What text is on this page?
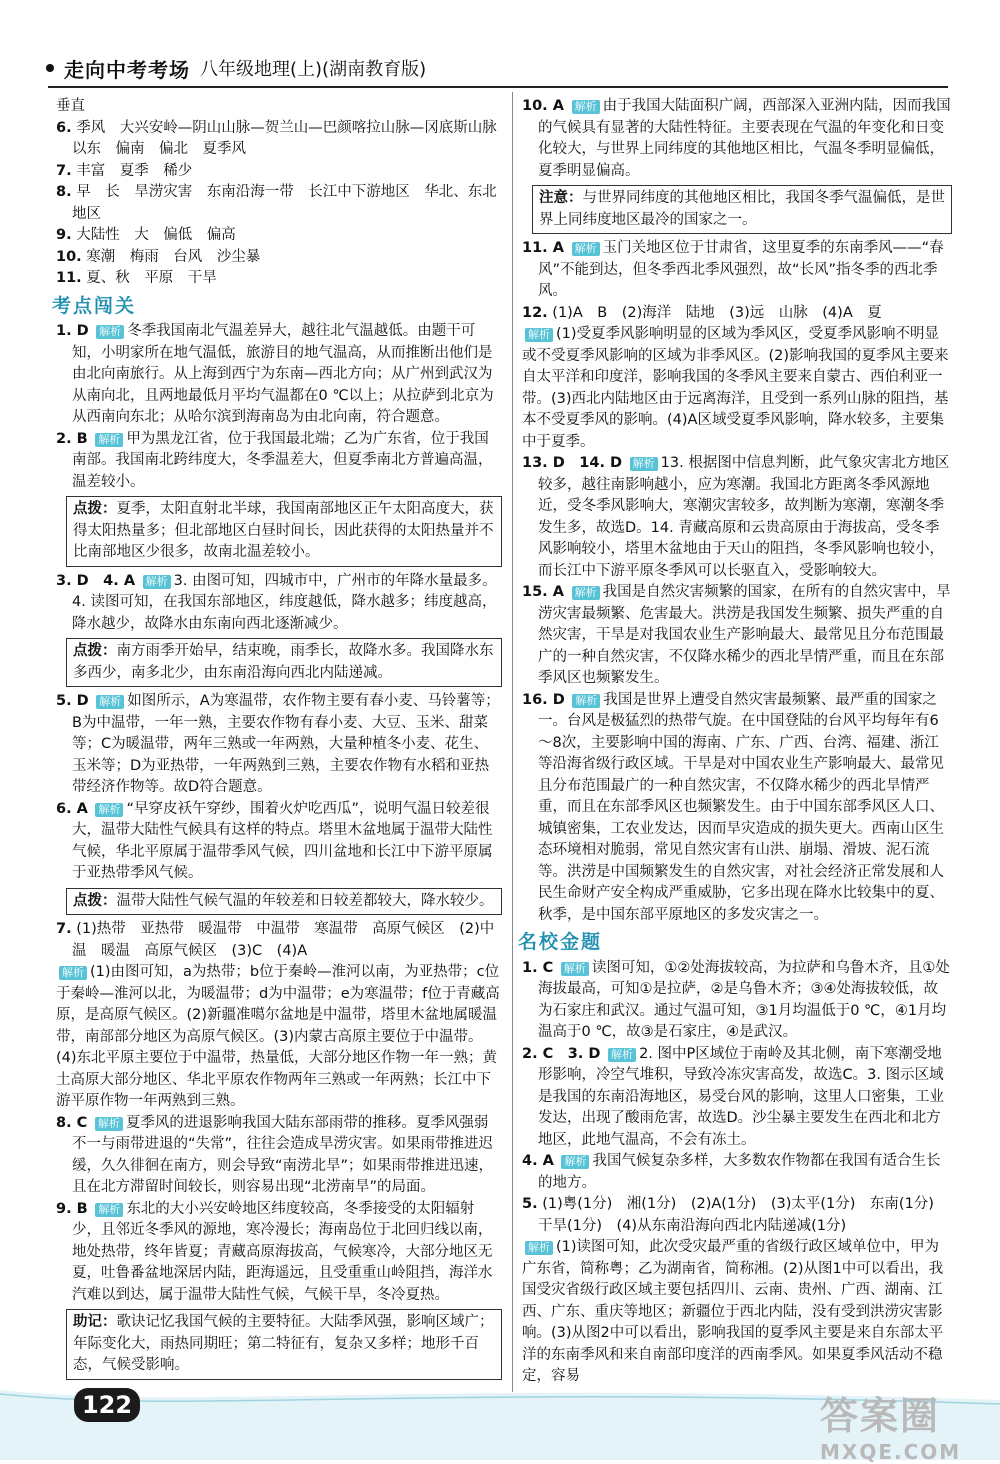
走向中考考场 八年级地理(上)(湖南教育版)
垂直
6. 季风　大兴安岭—阴山山脉—贺兰山—巴颜喀拉山脉—冈底斯山脉以东　偏南　偏北　夏季风
7. 丰富　夏季　稀少
8. 早　长　旱涝灾害　东南沿海一带　长江中下游地区　华北、东北地区
9. 大陆性　大　偏低　偏高
10. 寒潮　梅雨　台风　沙尘暴
11. 夏、秋　平原　干旱
考点闯关
1. D 解析 冬季我国南北气温差异大，越往北气温越低。由题干可知，小明家所在地气温低，旅游目的地气温高，从而推断出他们是由北向南旅行。从上海到西宁为东南—西北方向；从广州到武汉为从南向北，且两地最低月平均气温都在0 ℃以上；从拉萨到北京为从西南向东北；从哈尔滨到海南岛为由北向南，符合题意。
2. B 解析 甲为黑龙江省，位于我国最北端；乙为广东省，位于我国南部。我国南北跨纬度大，冬季温差大，但夏季南北方普遍高温，温差较小。
点拨：夏季，太阳直射北半球，我国南部地区正午太阳高度大，获得太阳热量多；但北部地区白昼时间长，因此获得的太阳热量并不比南部地区少很多，故南北温差较小。
3. D　4. A 解析 3. 由图可知，四城市中，广州市的年降水量最多。4. 读图可知，在我国东部地区，纬度越低，降水越多；纬度越高，降水越少，故降水由东南向西北逐渐减少。
点拨：南方雨季开始早，结束晚，雨季长，故降水多。我国降水东多西少，南多北少，由东南沿海向西北内陆递减。
5. D 解析 如图所示，A为寒温带，农作物主要有春小麦、马铃薯等；B为中温带，一年一熟，主要农作物有春小麦、大豆、玉米、甜菜等；C为暖温带，两年三熟或一年两熟，大量种植冬小麦、花生、玉米等；D为亚热带，一年两熟到三熟，主要农作物有水稻和亚热带经济作物等。故D符合题意。
6. A 解析 “早穿皮袄午穿纱，围着火炉吃西瓜”，说明气温日较差很大，温带大陆性气候具有这样的特点。塔里木盆地属于温带大陆性气候，华北平原属于温带季风气候，四川盆地和长江中下游平原属于亚热带季风气候。
点拨：温带大陆性气候气温的年较差和日较差都较大，降水较少。
7. (1)热带　亚热带　暖温带　中温带　寒温带　高原气候区　(2)中温　暖温　高原气候区　(3)C　(4)A
解析 (1)由图可知，a为热带；b位于秦岭—淮河以南，为亚热带；c位于秦岭—淮河以北，为暖温带；d为中温带；e为寒温带；f位于青藏高原，是高原气候区。(2)新疆准噶尔盆地是中温带，塔里木盆地属暖温带，南部部分地区为高原气候区。(3)内蒙古高原主要位于中温带。(4)东北平原主要位于中温带，热量低，大部分地区作物一年一熟；黄土高原大部分地区、华北平原农作物两年三熟或一年两熟；长江中下游平原作物一年两熟到三熟。
8. C 解析 夏季风的进退影响我国大陆东部雨带的推移。夏季风强弱不一与雨带进退的“失常”，往往会造成旱涝灾害。如果雨带推进迟缓，久久徘徊在南方，则会导致“南涝北旱”；如果雨带推进迅速，且在北方滞留时间较长，则容易出现“北涝南旱”的局面。
9. B 解析 东北的大小兴安岭地区纬度较高，冬季接受的太阳辐射少，且邻近冬季风的源地，寒冷漫长；海南岛位于北回归线以南，地处热带，终年皆夏；青藏高原海拔高，气候寒冷，大部分地区无夏，吐鲁番盆地深居内陆，距海遥远，且受重重山岭阻挡，海洋水汽难以到达，属于温带大陆性气候，气候干旱，冬冷夏热。
助记：歌诀记忆我国气候的主要特征。大陆季风强，影响区域广；年际变化大，雨热同期旺；第二特征有，复杂又多样；地形千百态，气候受影响。
10. A 解析 由于我国大陆面积广阔，西部深入亚洲内陆，因而我国的气候具有显著的大陆性特征。主要表现在气温的年变化和日变化较大，与世界上同纬度的其他地区相比，气温冬季明显偏低，夏季明显偏高。
注意：与世界同纬度的其他地区相比，我国冬季气温偏低，是世界上同纬度地区最冷的国家之一。
11. A 解析 玉门关地区位于甘肃省，这里夏季的东南季风——“春风”不能到达，但冬季西北季风强烈，故“长风”指冬季的西北季风。
12. (1)A　B　(2)海洋　陆地　(3)远　山脉　(4)A　夏
解析 (1)受夏季风影响明显的区域为季风区，受夏季风影响不明显或不受夏季风影响的区域为非季风区。(2)影响我国的夏季风主要来自太平洋和印度洋，影响我国的冬季风主要来自蒙古、西伯利亚一带。(3)西北内陆地区由于远离海洋，且受到一系列山脉的阻挡，基本不受夏季风的影响。(4)A区域受夏季风影响，降水较多，主要集中于夏季。
13. D　14. D 解析 13. 根据图中信息判断，此气象灾害北方地区较多，越往南影响越小，应为寒潮。我国北方距离冬季风源地近，受冬季风影响大，寒潮灾害较多，故判断为寒潮，寒潮冬季发生多，故选D。14. 青藏高原和云贵高原由于海拔高，受冬季风影响较小，塔里木盆地由于天山的阻挡，冬季风影响也较小，而长江中下游平原冬季风可以长驱直入，受影响较大。
15. A 解析 我国是自然灾害频繁的国家，在所有的自然灾害中，旱涝灾害最频繁、危害最大。洪涝是我国发生频繁、损失严重的自然灾害，干旱是对我国农业生产影响最大、最常见且分布范围最广的一种自然灾害，不仅降水稀少的西北旱情严重，而且在东部季风区也频繁发生。
16. D 解析 我国是世界上遭受自然灾害最频繁、最严重的国家之一。台风是极猛烈的热带气旋。在中国登陆的台风平均每年有6～8次，主要影响中国的海南、广东、广西、台湾、福建、浙江等沿海省级行政区域。干旱是对中国农业生产影响最大、最常见且分布范围最广的一种自然灾害，不仅降水稀少的西北旱情严重，而且在东部季风区也频繁发生。由于中国东部季风区人口、城镇密集，工农业发达，因而旱灾造成的损失更大。西南山区生态环境相对脆弱，常见自然灾害有山洪、崩塌、滑坡、泥石流等。洪涝是中国频繁发生的自然灾害，对社会经济正常发展和人民生命财产安全构成严重威胁，它多出现在降水比较集中的夏、秋季，是中国东部平原地区的多发灾害之一。
名校金题
1. C 解析 读图可知，①②处海拔较高，为拉萨和乌鲁木齐，且①处海拔最高，可知①是拉萨，②是乌鲁木齐；③④处海拔较低，故为石家庄和武汉。通过气温可知，③1月均温低于0 ℃，④1月均温高于0 ℃，故③是石家庄，④是武汉。
2. C　3. D 解析 2. 图中P区域位于南岭及其北侧，南下寒潮受地形影响，冷空气堆积，导致冷冻灾害高发，故选C。3. 图示区域是我国的东南沿海地区，易受台风的影响，这里人口密集，工业发达，出现了酸雨危害，故选D。沙尘暴主要发生在西北和北方地区，此地气温高，不会有冻土。
4. A 解析 我国气候复杂多样，大多数农作物都在我国有适合生长的地方。
5. (1)粤(1分)　湘(1分)　(2)A(1分)　(3)太平(1分)　东南(1分)　干旱(1分)　(4)从东南沿海向西北内陆递减(1分)
解析 (1)读图可知，此次受灾最严重的省级行政区域单位中，甲为广东省，简称粤；乙为湖南省，简称湘。(2)从图1中可以看出，我国受灾省级行政区域主要包括四川、云南、贵州、广西、湖南、江西、广东、重庆等地区；新疆位于西北内陆，没有受到洪涝灾害影响。(3)从图2中可以看出，影响我国的夏季风主要是来自东部太平洋的东南季风和来自南部印度洋的西南季风。如果夏季风活动不稳定，容易
122	答案圈
MXQE.COM
